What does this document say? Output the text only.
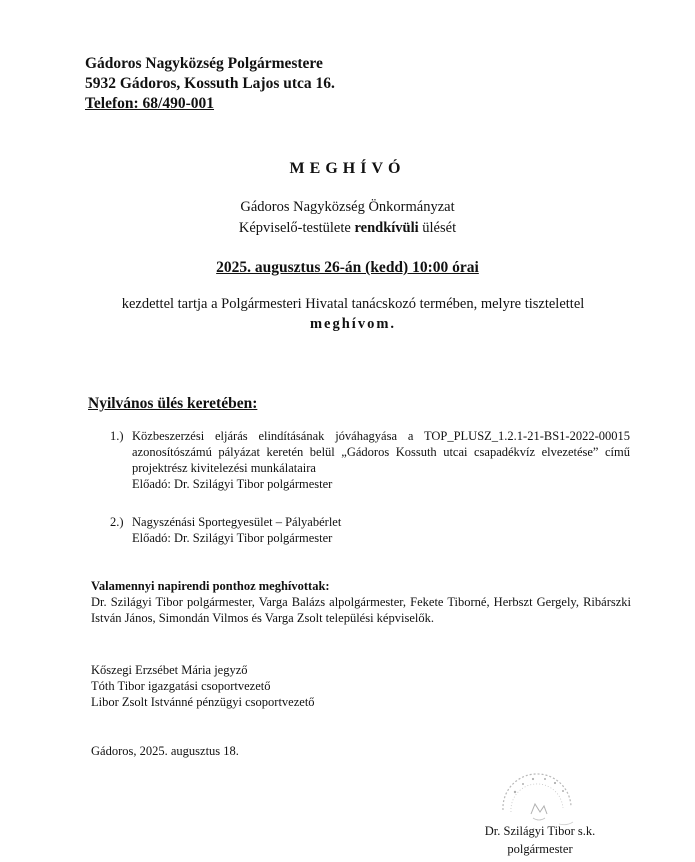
Gádoros Nagyközség Polgármestere
5932 Gádoros, Kossuth Lajos utca 16.
Telefon: 68/490-001
MEGHÍVÓ
Gádoros Nagyközség Önkormányzat
Képviselő-testülete rendkívüli ülését
2025. augusztus 26-án (kedd) 10:00 órai
kezdettel tartja a Polgármesteri Hivatal tanácskozó termében, melyre tisztelettel
meghívom.
Nyilvános ülés keretében:
1.) Közbeszerzési eljárás elindításának jóváhagyása a TOP_PLUSZ_1.2.1-21-BS1-2022-00015 azonosítószámú pályázat keretén belül „Gádoros Kossuth utcai csapadékvíz elvezetése” című projektrész kivitelezési munkálataira
Előadó: Dr. Szilágyi Tibor polgármester
2.) Nagyszénási Sportegyesület – Pályabérlet
Előadó: Dr. Szilágyi Tibor polgármester
Valamennyi napirendi ponthoz meghívottak:
Dr. Szilágyi Tibor polgármester, Varga Balázs alpolgármester, Fekete Tiborné, Herbszt Gergely, Ribárszki István János, Simondán Vilmos és Varga Zsolt települési képviselők.
Kőszegi Erzsébet Mária jegyző
Tóth Tibor igazgatási csoportvezető
Libor Zsolt Istvánné pénzügyi csoportvezető
Gádoros, 2025. augusztus 18.
Dr. Szilágyi Tibor s.k.
polgármester
